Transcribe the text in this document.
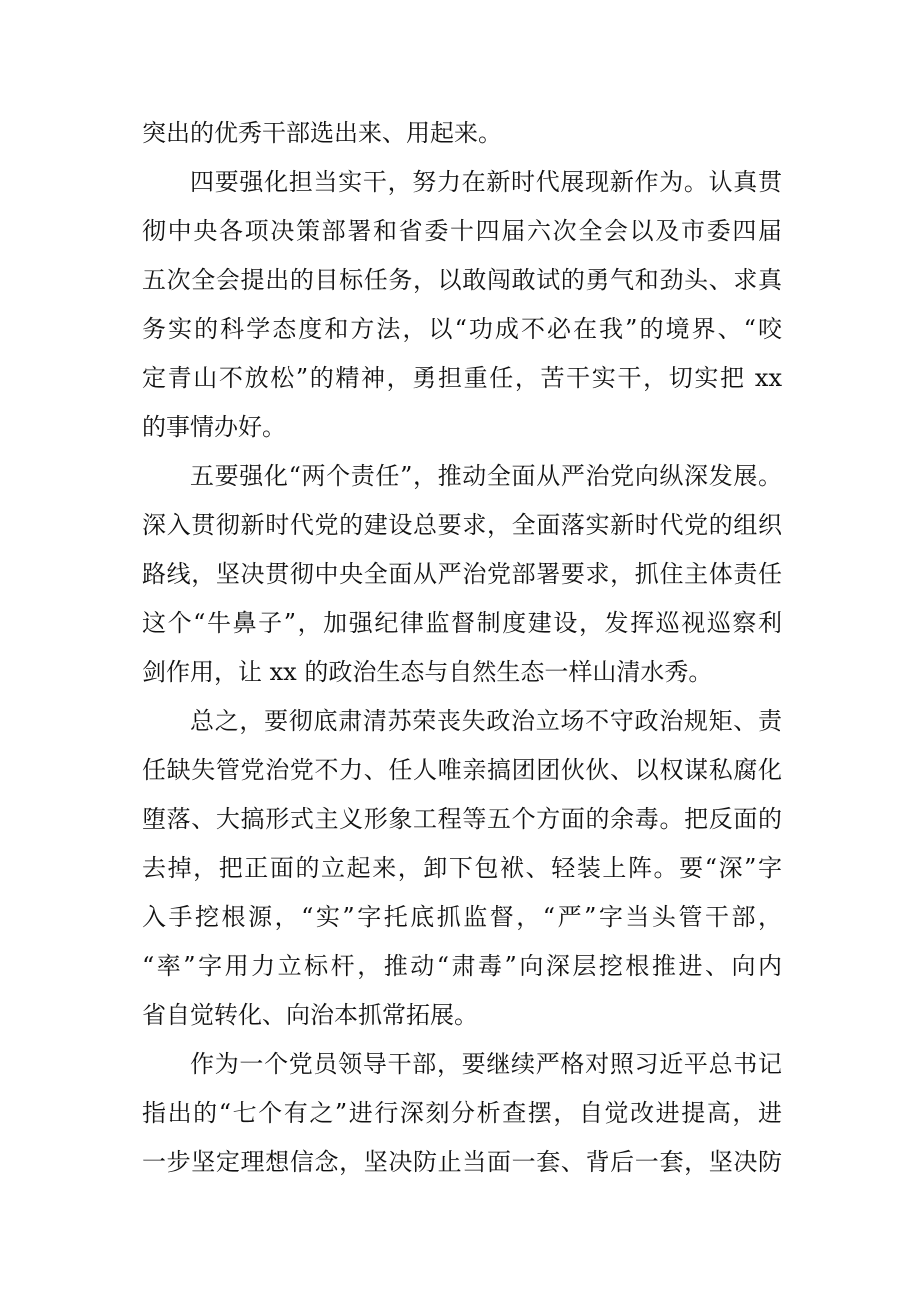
突出的优秀干部选出来、用起来。
四要强化担当实干，努力在新时代展现新作为。认真贯
彻中央各项决策部署和省委十四届六次全会以及市委四届
五次全会提出的目标任务，以敢闯敢试的勇气和劲头、求真
务实的科学态度和方法，以“功成不必在我”的境界、“咬
定青山不放松”的精神，勇担重任，苦干实干，切实把 xx
的事情办好。
五要强化“两个责任”，推动全面从严治党向纵深发展。
深入贯彻新时代党的建设总要求，全面落实新时代党的组织
路线，坚决贯彻中央全面从严治党部署要求，抓住主体责任
这个“牛鼻子”，加强纪律监督制度建设，发挥巡视巡察利
剑作用，让 xx 的政治生态与自然生态一样山清水秀。
总之，要彻底肃清苏荣丧失政治立场不守政治规矩、责
任缺失管党治党不力、任人唯亲搞团团伙伙、以权谋私腐化
堕落、大搞形式主义形象工程等五个方面的余毒。把反面的
去掉，把正面的立起来，卸下包袱、轻装上阵。要“深”字
入手挖根源，“实”字托底抓监督，“严”字当头管干部，
“率”字用力立标杆，推动“肃毒”向深层挖根推进、向内
省自觉转化、向治本抓常拓展。
作为一个党员领导干部，要继续严格对照习近平总书记
指出的“七个有之”进行深刻分析查摆，自觉改进提高，进
一步坚定理想信念，坚决防止当面一套、背后一套，坚决防
